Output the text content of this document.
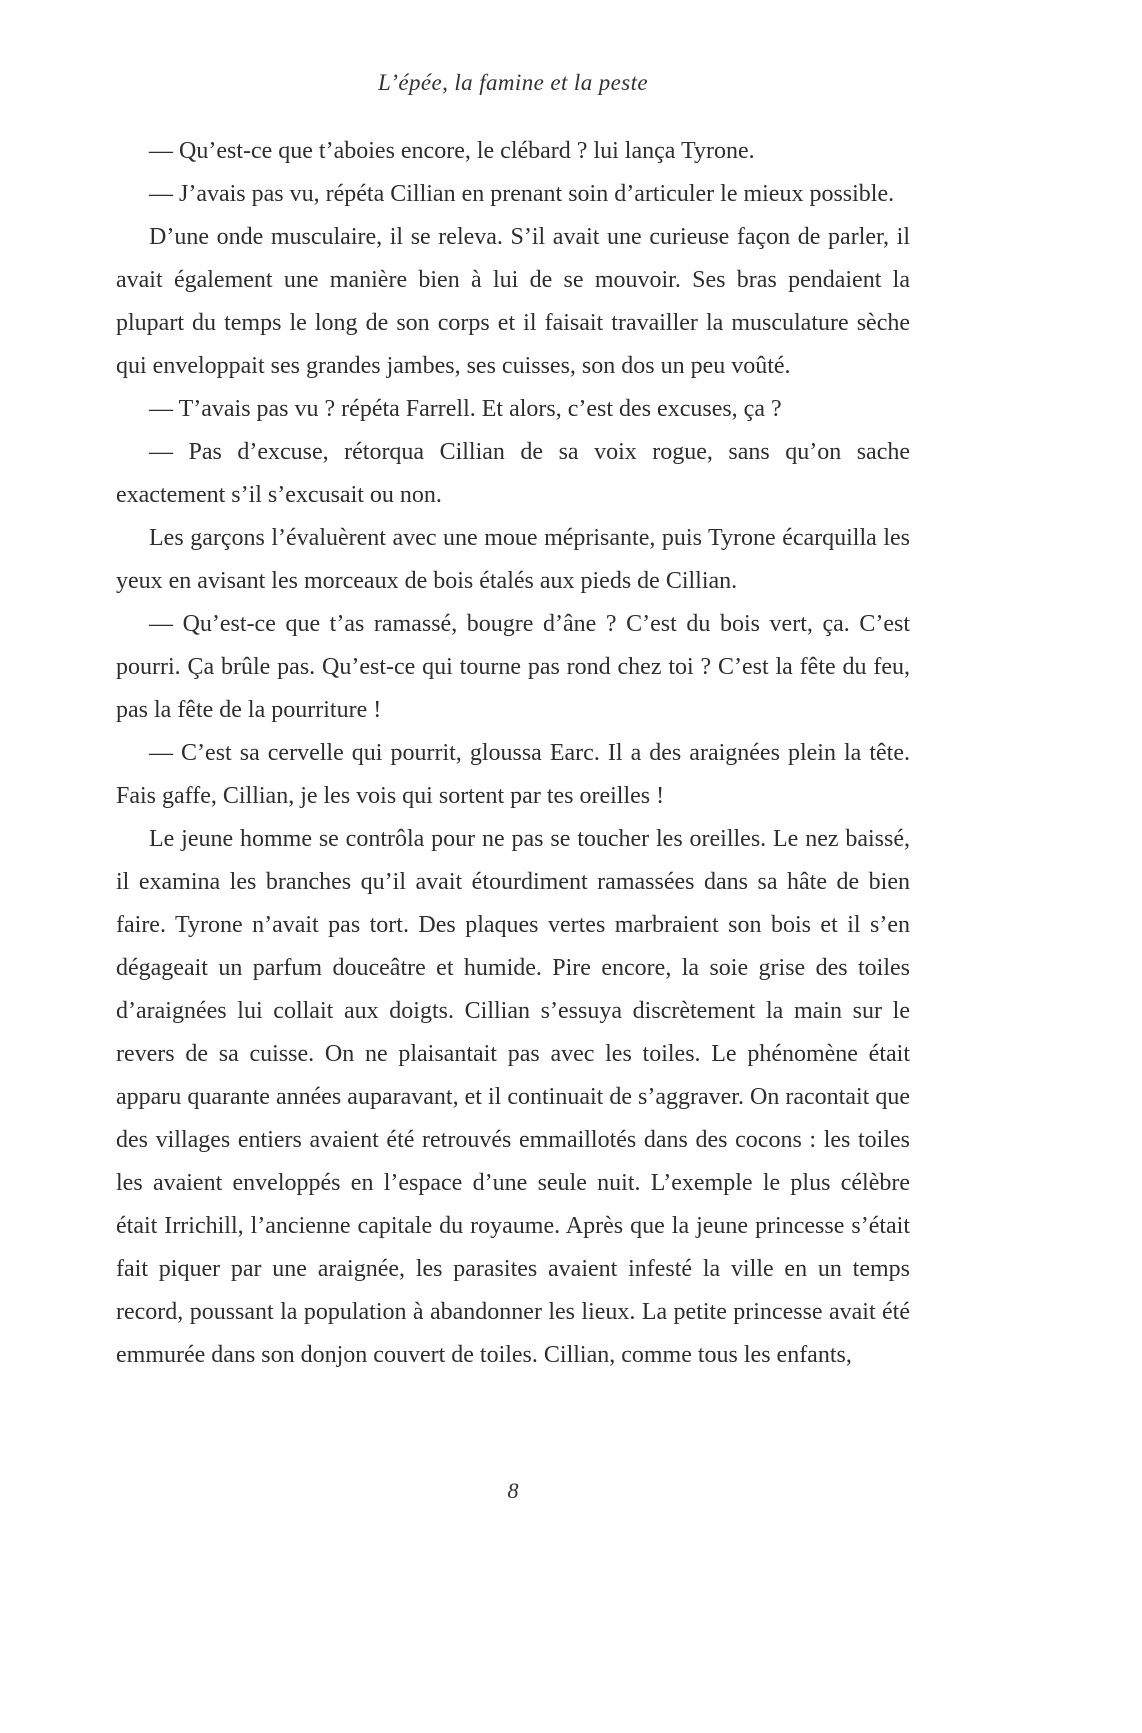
L’épée, la famine et la peste

— Qu’est-ce que t’aboies encore, le clébard ? lui lança Tyrone.

— J’avais pas vu, répéta Cillian en prenant soin d’articuler le mieux possible.

D’une onde musculaire, il se releva. S’il avait une curieuse façon de parler, il avait également une manière bien à lui de se mouvoir. Ses bras pendaient la plupart du temps le long de son corps et il faisait travailler la musculature sèche qui enveloppait ses grandes jambes, ses cuisses, son dos un peu voûté.

— T’avais pas vu ? répéta Farrell. Et alors, c’est des excuses, ça ?

— Pas d’excuse, rétorqua Cillian de sa voix rogue, sans qu’on sache exactement s’il s’excusait ou non.

Les garçons l’évaluèrent avec une moue méprisante, puis Tyrone écarquilla les yeux en avisant les morceaux de bois étalés aux pieds de Cillian.

— Qu’est-ce que t’as ramassé, bougre d’âne ? C’est du bois vert, ça. C’est pourri. Ça brûle pas. Qu’est-ce qui tourne pas rond chez toi ? C’est la fête du feu, pas la fête de la pourriture !

— C’est sa cervelle qui pourrit, gloussa Earc. Il a des araignées plein la tête. Fais gaffe, Cillian, je les vois qui sortent par tes oreilles !

Le jeune homme se contrôla pour ne pas se toucher les oreilles. Le nez baissé, il examina les branches qu’il avait étourdiment ramassées dans sa hâte de bien faire. Tyrone n’avait pas tort. Des plaques vertes marbraient son bois et il s’en dégageait un parfum douceâtre et humide. Pire encore, la soie grise des toiles d’araignées lui collait aux doigts. Cillian s’essuya discrètement la main sur le revers de sa cuisse. On ne plaisantait pas avec les toiles. Le phénomène était apparu quarante années auparavant, et il continuait de s’aggraver. On racontait que des villages entiers avaient été retrouvés emmaillotés dans des cocons : les toiles les avaient enveloppés en l’espace d’une seule nuit. L’exemple le plus célèbre était Irrichill, l’ancienne capitale du royaume. Après que la jeune princesse s’était fait piquer par une araignée, les parasites avaient infesté la ville en un temps record, poussant la population à abandonner les lieux. La petite princesse avait été emmurée dans son donjon couvert de toiles. Cillian, comme tous les enfants,

8
